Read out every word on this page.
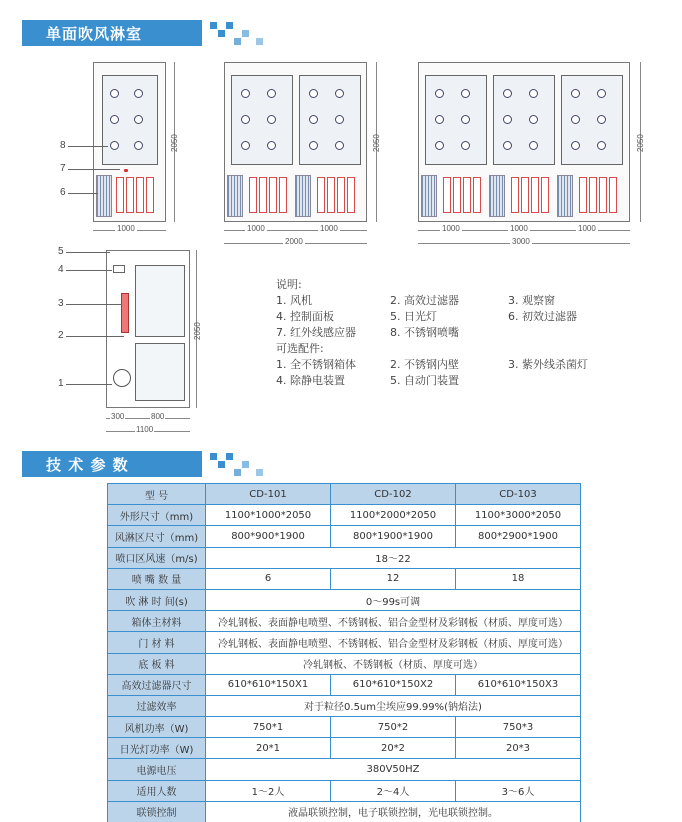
单面吹风淋室
2050
1000
8
7
6
2050
1000	1000
2000
2050
1000	1000	1000
3000
2050
300	800
1100
5
4
3
2
1
说明:
1. 风机	2. 高效过滤器	3. 观察窗
4. 控制面板	5. 日光灯	6. 初效过滤器
7. 红外线感应器	8. 不锈钢喷嘴
可选配件:
1. 全不锈钢箱体	2. 不锈钢内壁	3. 紫外线杀菌灯
4. 除静电装置	5. 自动门装置
技 术 参 数
型 号	CD-101	CD-102	CD-103
外形尺寸（mm)	1100*1000*2050	1100*2000*2050	1100*3000*2050
风淋区尺寸（mm)	800*900*1900	800*1900*1900	800*2900*1900
喷口区风速（m/s)	18～22		
喷 嘴 数 量	6	12	18
吹 淋 时 间(s)	0～99s可调		
箱体主材料	冷轧钢板、表面静电喷塑、不锈钢板、铝合金型材及彩钢板（材质、厚度可选）		
门 材 料	冷轧钢板、表面静电喷塑、不锈钢板、铝合金型材及彩钢板（材质、厚度可选）		
底 板 料	冷轧钢板、不锈钢板（材质、厚度可选）		
高效过滤器尺寸	610*610*150X1	610*610*150X2	610*610*150X3
过滤效率	对于粒径0.5um尘埃应99.99%(钠焰法)		
风机功率（W)	750*1	750*2	750*3
日光灯功率（W)	20*1	20*2	20*3
电源电压	380V50HZ		
适用人数	1～2人	2～4人	3～6人
联锁控制	液晶联锁控制，电子联锁控制，光电联锁控制。		
